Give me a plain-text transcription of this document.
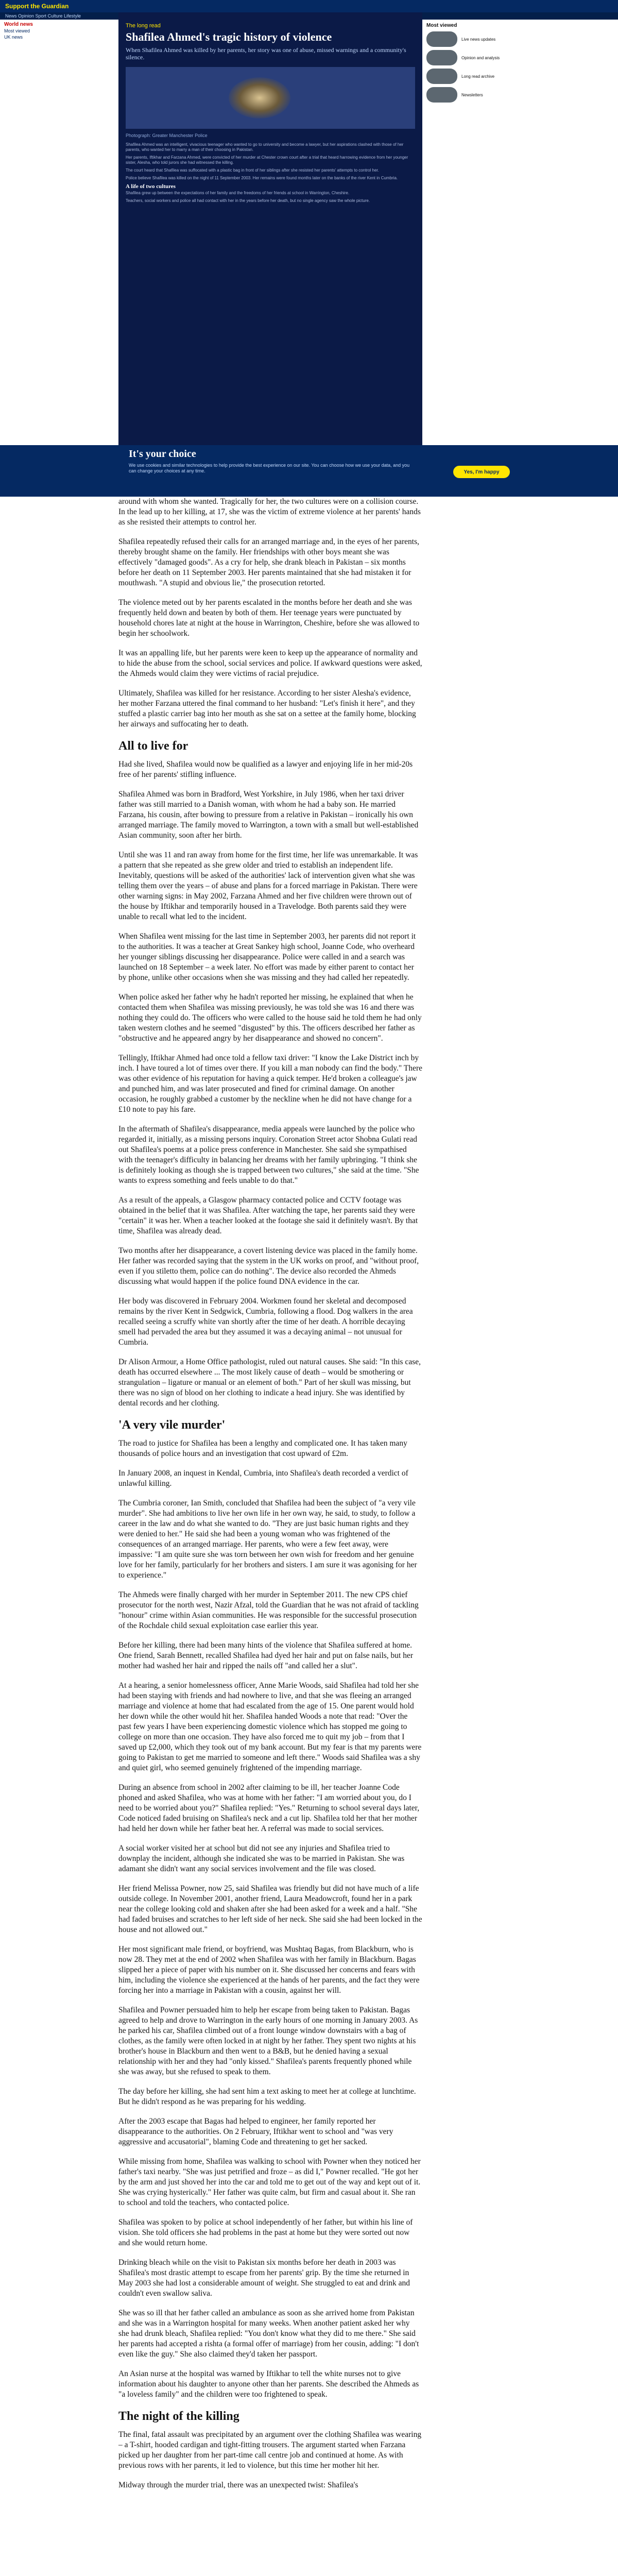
Support the Guardian
News Opinion Sport Culture Lifestyle
World news
Most viewed
UK news
The long read
Shafilea Ahmed's tragic history of violence
When Shafilea Ahmed was killed by her parents, her story was one of abuse, missed warnings and a community's silence.
Photograph: Greater Manchester Police

Shafilea Ahmed was an intelligent, vivacious teenager who wanted to go to university and become a lawyer, but her aspirations clashed with those of her parents, who wanted her to marry a man of their choosing in Pakistan.

Her parents, Iftikhar and Farzana Ahmed, were convicted of her murder at Chester crown court after a trial that heard harrowing evidence from her younger sister, Alesha, who told jurors she had witnessed the killing.

The court heard that Shafilea was suffocated with a plastic bag in front of her siblings after she resisted her parents' attempts to control her.

Police believe Shafilea was killed on the night of 11 September 2003. Her remains were found months later on the banks of the river Kent in Cumbria.

A life of two cultures

Shafilea grew up between the expectations of her family and the freedoms of her friends at school in Warrington, Cheshire.

Teachers, social workers and police all had contact with her in the years before her death, but no single agency saw the whole picture.

Most viewed
Live news updates
Opinion and analysis
Long read archive
Newsletters
It's your choice
We use cookies and similar technologies to help provide the best experience on our site. You can choose how we use your data, and you can change your choices at any time.	Yes, I'm happy

around with whom she wanted. Tragically for her, the two cultures were on a collision course. In the lead up to her killing, at 17, she was the victim of extreme violence at her parents' hands as she resisted their attempts to control her.

Shafilea repeatedly refused their calls for an arranged marriage and, in the eyes of her parents, thereby brought shame on the family. Her friendships with other boys meant she was effectively "damaged goods". As a cry for help, she drank bleach in Pakistan – six months before her death on 11 September 2003. Her parents maintained that she had mistaken it for mouthwash. "A stupid and obvious lie," the prosecution retorted.

The violence meted out by her parents escalated in the months before her death and she was frequently held down and beaten by both of them. Her teenage years were punctuated by household chores late at night at the house in Warrington, Cheshire, before she was allowed to begin her schoolwork.

It was an appalling life, but her parents were keen to keep up the appearance of normality and to hide the abuse from the school, social services and police. If awkward questions were asked, the Ahmeds would claim they were victims of racial prejudice.

Ultimately, Shafilea was killed for her resistance. According to her sister Alesha's evidence, her mother Farzana uttered the final command to her husband: "Let's finish it here", and they stuffed a plastic carrier bag into her mouth as she sat on a settee at the family home, blocking her airways and suffocating her to death.

All to live for

Had she lived, Shafilea would now be qualified as a lawyer and enjoying life in her mid-20s free of her parents' stifling influence.

Shafilea Ahmed was born in Bradford, West Yorkshire, in July 1986, when her taxi driver father was still married to a Danish woman, with whom he had a baby son. He married Farzana, his cousin, after bowing to pressure from a relative in Pakistan – ironically his own arranged marriage. The family moved to Warrington, a town with a small but well-established Asian community, soon after her birth.

Until she was 11 and ran away from home for the first time, her life was unremarkable. It was a pattern that she repeated as she grew older and tried to establish an independent life. Inevitably, questions will be asked of the authorities' lack of intervention given what she was telling them over the years – of abuse and plans for a forced marriage in Pakistan. There were other warning signs: in May 2002, Farzana Ahmed and her five children were thrown out of the house by Iftikhar and temporarily housed in a Travelodge. Both parents said they were unable to recall what led to the incident.

When Shafilea went missing for the last time in September 2003, her parents did not report it to the authorities. It was a teacher at Great Sankey high school, Joanne Code, who overheard her younger siblings discussing her disappearance. Police were called in and a search was launched on 18 September – a week later. No effort was made by either parent to contact her by phone, unlike other occasions when she was missing and they had called her repeatedly.

When police asked her father why he hadn't reported her missing, he explained that when he contacted them when Shafilea was missing previously, he was told she was 16 and there was nothing they could do. The officers who were called to the house said he told them he had only taken western clothes and he seemed "disgusted" by this. The officers described her father as "obstructive and he appeared angry by her disappearance and showed no concern".

Tellingly, Iftikhar Ahmed had once told a fellow taxi driver: "I know the Lake District inch by inch. I have toured a lot of times over there. If you kill a man nobody can find the body." There was other evidence of his reputation for having a quick temper. He'd broken a colleague's jaw and punched him, and was later prosecuted and fined for criminal damage. On another occasion, he roughly grabbed a customer by the neckline when he did not have change for a £10 note to pay his fare.

In the aftermath of Shafilea's disappearance, media appeals were launched by the police who regarded it, initially, as a missing persons inquiry. Coronation Street actor Shobna Gulati read out Shafilea's poems at a police press conference in Manchester. She said she sympathised with the teenager's difficulty in balancing her dreams with her family upbringing. "I think she is definitely looking as though she is trapped between two cultures," she said at the time. "She wants to express something and feels unable to do that."

As a result of the appeals, a Glasgow pharmacy contacted police and CCTV footage was obtained in the belief that it was Shafilea. After watching the tape, her parents said they were "certain" it was her. When a teacher looked at the footage she said it definitely wasn't. By that time, Shafilea was already dead.

Two months after her disappearance, a covert listening device was placed in the family home. Her father was recorded saying that the system in the UK works on proof, and "without proof, even if you stiletto them, police can do nothing". The device also recorded the Ahmeds discussing what would happen if the police found DNA evidence in the car.

Her body was discovered in February 2004. Workmen found her skeletal and decomposed remains by the river Kent in Sedgwick, Cumbria, following a flood. Dog walkers in the area recalled seeing a scruffy white van shortly after the time of her death. A horrible decaying smell had pervaded the area but they assumed it was a decaying animal – not unusual for Cumbria.

Dr Alison Armour, a Home Office pathologist, ruled out natural causes. She said: "In this case, death has occurred elsewhere ... The most likely cause of death – would be smothering or strangulation – ligature or manual or an element of both." Part of her skull was missing, but there was no sign of blood on her clothing to indicate a head injury. She was identified by dental records and her clothing.

'A very vile murder'

The road to justice for Shafilea has been a lengthy and complicated one. It has taken many thousands of police hours and an investigation that cost upward of £2m.

In January 2008, an inquest in Kendal, Cumbria, into Shafilea's death recorded a verdict of unlawful killing.

The Cumbria coroner, Ian Smith, concluded that Shafilea had been the subject of "a very vile murder". She had ambitions to live her own life in her own way, he said, to study, to follow a career in the law and do what she wanted to do. "They are just basic human rights and they were denied to her." He said she had been a young woman who was frightened of the consequences of an arranged marriage. Her parents, who were a few feet away, were impassive: "I am quite sure she was torn between her own wish for freedom and her genuine love for her family, particularly for her brothers and sisters. I am sure it was agonising for her to experience."

The Ahmeds were finally charged with her murder in September 2011. The new CPS chief prosecutor for the north west, Nazir Afzal, told the Guardian that he was not afraid of tackling "honour" crime within Asian communities. He was responsible for the successful prosecution of the Rochdale child sexual exploitation case earlier this year.

Before her killing, there had been many hints of the violence that Shafilea suffered at home. One friend, Sarah Bennett, recalled Shafilea had dyed her hair and put on false nails, but her mother had washed her hair and ripped the nails off "and called her a slut".

At a hearing, a senior homelessness officer, Anne Marie Woods, said Shafilea had told her she had been staying with friends and had nowhere to live, and that she was fleeing an arranged marriage and violence at home that had escalated from the age of 15. One parent would hold her down while the other would hit her. Shafilea handed Woods a note that read: "Over the past few years I have been experiencing domestic violence which has stopped me going to college on more than one occasion. They have also forced me to quit my job – from that I saved up £2,000, which they took out of my bank account. But my fear is that my parents were going to Pakistan to get me married to someone and left there." Woods said Shafilea was a shy and quiet girl, who seemed genuinely frightened of the impending marriage.

During an absence from school in 2002 after claiming to be ill, her teacher Joanne Code phoned and asked Shafilea, who was at home with her father: "I am worried about you, do I need to be worried about you?" Shafilea replied: "Yes." Returning to school several days later, Code noticed faded bruising on Shafilea's neck and a cut lip. Shafilea told her that her mother had held her down while her father beat her. A referral was made to social services.

A social worker visited her at school but did not see any injuries and Shafilea tried to downplay the incident, although she indicated she was to be married in Pakistan. She was adamant she didn't want any social services involvement and the file was closed.

Her friend Melissa Powner, now 25, said Shafilea was friendly but did not have much of a life outside college. In November 2001, another friend, Laura Meadowcroft, found her in a park near the college looking cold and shaken after she had been asked for a week and a half. "She had faded bruises and scratches to her left side of her neck. She said she had been locked in the house and not allowed out."

Her most significant male friend, or boyfriend, was Mushtaq Bagas, from Blackburn, who is now 28. They met at the end of 2002 when Shafilea was with her family in Blackburn. Bagas slipped her a piece of paper with his number on it. She discussed her concerns and fears with him, including the violence she experienced at the hands of her parents, and the fact they were forcing her into a marriage in Pakistan with a cousin, against her will.

Shafilea and Powner persuaded him to help her escape from being taken to Pakistan. Bagas agreed to help and drove to Warrington in the early hours of one morning in January 2003. As he parked his car, Shafilea climbed out of a front lounge window downstairs with a bag of clothes, as the family were often locked in at night by her father. They spent two nights at his brother's house in Blackburn and then went to a B&B, but he denied having a sexual relationship with her and they had "only kissed." Shafilea's parents frequently phoned while she was away, but she refused to speak to them.

The day before her killing, she had sent him a text asking to meet her at college at lunchtime. But he didn't respond as he was preparing for his wedding.

After the 2003 escape that Bagas had helped to engineer, her family reported her disappearance to the authorities. On 2 February, Iftikhar went to school and "was very aggressive and accusatorial", blaming Code and threatening to get her sacked.

While missing from home, Shafilea was walking to school with Powner when they noticed her father's taxi nearby. "She was just petrified and froze – as did I," Powner recalled. "He got her by the arm and just shoved her into the car and told me to get out of the way and kept out of it. She was crying hysterically." Her father was quite calm, but firm and casual about it. She ran to school and told the teachers, who contacted police.

Shafilea was spoken to by police at school independently of her father, but within his line of vision. She told officers she had problems in the past at home but they were sorted out now and she would return home.

Drinking bleach while on the visit to Pakistan six months before her death in 2003 was Shafilea's most drastic attempt to escape from her parents' grip. By the time she returned in May 2003 she had lost a considerable amount of weight. She struggled to eat and drink and couldn't even swallow saliva.

She was so ill that her father called an ambulance as soon as she arrived home from Pakistan and she was in a Warrington hospital for many weeks. When another patient asked her why she had drunk bleach, Shafilea replied: "You don't know what they did to me there." She said her parents had accepted a rishta (a formal offer of marriage) from her cousin, adding: "I don't even like the guy." She also claimed they'd taken her passport.

An Asian nurse at the hospital was warned by Iftikhar to tell the white nurses not to give information about his daughter to anyone other than her parents. She described the Ahmeds as "a loveless family" and the children were too frightened to speak.

The night of the killing

The final, fatal assault was precipitated by an argument over the clothing Shafilea was wearing – a T-shirt, hooded cardigan and tight-fitting trousers. The argument started when Farzana picked up her daughter from her part-time call centre job and continued at home. As with previous rows with her parents, it led to violence, but this time her mother hit her.

Midway through the murder trial, there was an unexpected twist: Shafilea's
